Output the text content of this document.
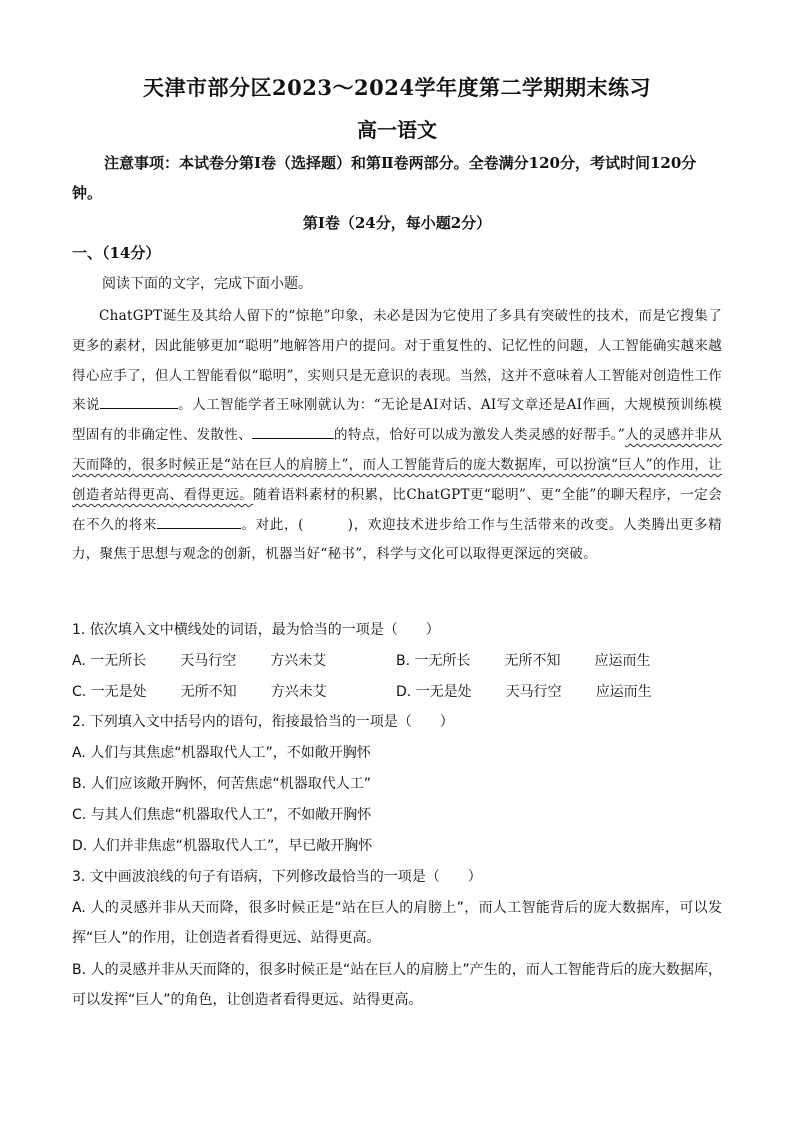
天津市部分区2023～2024学年度第二学期期末练习
高一语文
注意事项：本试卷分第Ⅰ卷（选择题）和第Ⅱ卷两部分。全卷满分120分，考试时间120分钟。
第Ⅰ卷（24分，每小题2分）
一、（14分）
阅读下面的文字，完成下面小题。
ChatGPT诞生及其给人留下的“惊艳”印象，未必是因为它使用了多具有突破性的技术，而是它搜集了更多的素材，因此能够更加“聪明”地解答用户的提问。对于重复性的、记忆性的问题，人工智能确实越来越得心应手了，但人工智能看似“聪明”，实则只是无意识的表现。当然，这并不意味着人工智能对创造性工作来说	。人工智能学者王咏刚就认为：“无论是AI对话、AI写文章还是AI作画，大规模预训练模型固有的非确定性、发散性、	的特点，恰好可以成为激发人类灵感的好帮手。”人的灵感并非从天而降的，很多时候正是“站在巨人的肩膀上”，而人工智能背后的庞大数据库，可以扮演“巨人”的作用，让创造者站得更高、看得更远。随着语料素材的积累，比ChatGPT更“聪明”、更“全能”的聊天程序，一定会在不久的将来	。对此，(	)，欢迎技术进步给工作与生活带来的改变。人类腾出更多精力，聚焦于思想与观念的创新，机器当好“秘书”，科学与文化可以取得更深远的突破。
1. 依次填入文中横线处的词语，最为恰当的一项是（　　）
A. 一无所长 天马行空 方兴未艾	B. 一无所长 无所不知 应运而生
C. 一无是处 无所不知 方兴未艾	D. 一无是处 天马行空 应运而生
2. 下列填入文中括号内的语句，衔接最恰当的一项是（　　）
A. 人们与其焦虑“机器取代人工”，不如敞开胸怀
B. 人们应该敞开胸怀，何苦焦虑“机器取代人工”
C. 与其人们焦虑“机器取代人工”，不如敞开胸怀
D. 人们并非焦虑“机器取代人工”，早已敞开胸怀
3. 文中画波浪线的句子有语病，下列修改最恰当的一项是（　　）
A. 人的灵感并非从天而降，很多时候正是“站在巨人的肩膀上”，而人工智能背后的庞大数据库，可以发挥“巨人”的作用，让创造者看得更远、站得更高。
B. 人的灵感并非从天而降的，很多时候正是“站在巨人的肩膀上”产生的，而人工智能背后的庞大数据库，可以发挥“巨人”的角色，让创造者看得更远、站得更高。
